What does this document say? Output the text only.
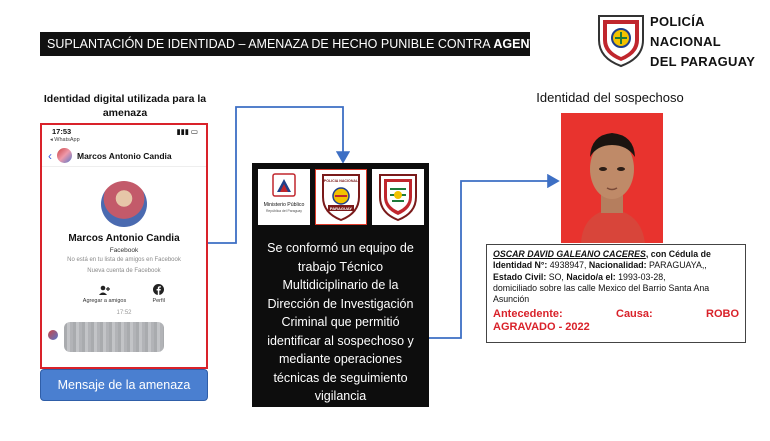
SUPLANTACIÓN DE IDENTIDAD – AMENAZA DE HECHO PUNIBLE CONTRA AGENTE FISCAL
POLICÍA
NACIONAL
DEL PARAGUAY
Identidad digital utilizada para la amenaza
Identidad del sospechoso
17:53	▮▮▮ ▭
◂ WhatsApp
‹	Marcos Antonio Candia
Marcos Antonio Candia
Facebook
No está en tu lista de amigos en Facebook
Nueva cuenta de Facebook
Agregar a amigos	Perfil
17:52
Mensaje de la amenaza
Ministerio Público
República del Paraguay
POLICIA NACIONAL
PARAGUAY
Se conformó un equipo de trabajo Técnico Multidiciplinario de la Dirección de Investigación Criminal que permitió identificar al sospechoso y mediante operaciones técnicas de seguimiento vigilancia
OSCAR DAVID GALEANO CACERES, con Cédula de Identidad N°: 4938947, Nacionalidad: PARAGUAYA,,
Estado Civil: SO, Nacido/a el: 1993-03-28,
domiciliado sobre las calle Mexico del Barrio Santa Ana Asunción
Antecedente:	Causa:	ROBO
AGRAVADO - 2022
